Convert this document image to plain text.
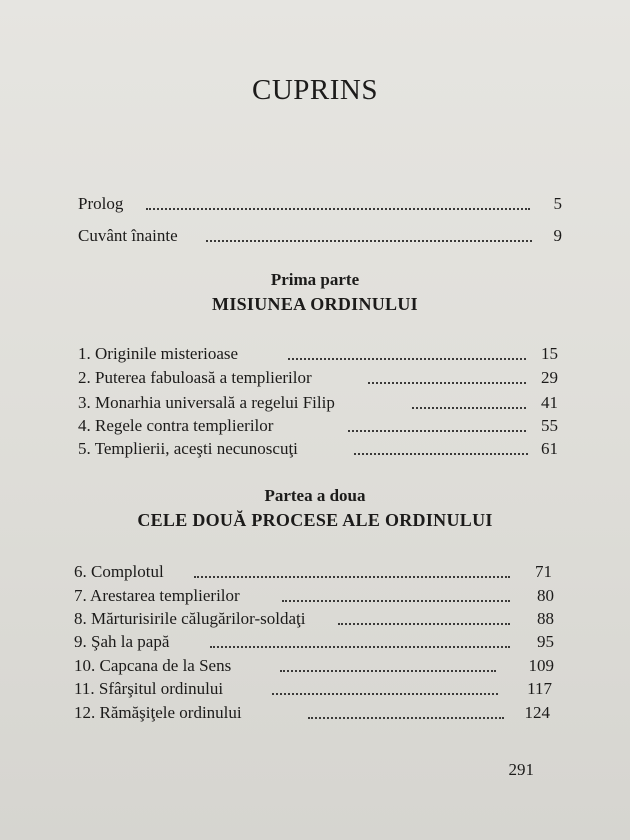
CUPRINS
Prolog	5
Cuvânt înainte	9
Prima parte
MISIUNEA ORDINULUI
1. Originile misterioase	15
2. Puterea fabuloasă a templierilor	29
3. Monarhia universală a regelui Filip	41
4. Regele contra templierilor	55
5. Templierii, aceşti necunoscuţi	61
Partea a doua
CELE DOUĂ PROCESE ALE ORDINULUI
6. Complotul	71
7. Arestarea templierilor	80
8. Mărturisirile călugărilor-soldaţi	88
9. Şah la papă	95
10. Capcana de la Sens	109
11. Sfârşitul ordinului	117
12. Rămăşiţele ordinului	124
291
